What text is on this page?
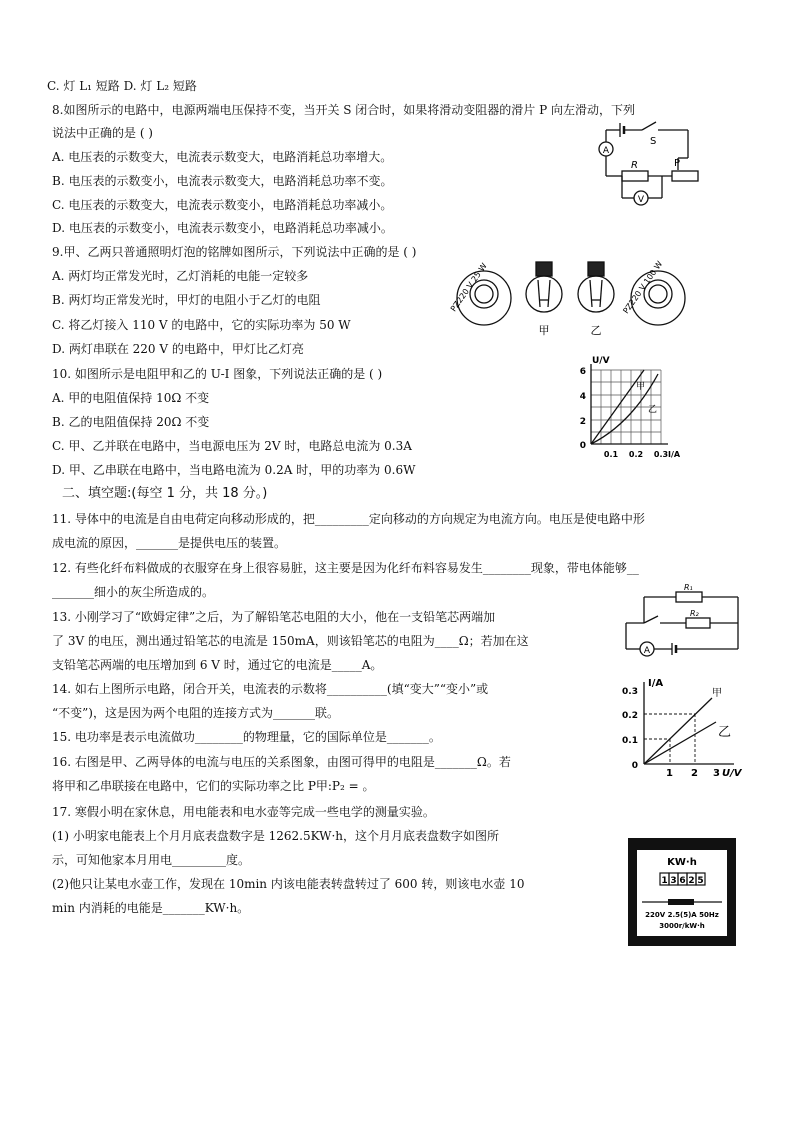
C. 灯 L₁ 短路 D. 灯 L₂ 短路
8.如图所示的电路中，电源两端电压保持不变，当开关 S 闭合时，如果将滑动变阻器的滑片 P 向左滑动，下列
说法中正确的是 ( )
A. 电压表的示数变大，电流表示数变大，电路消耗总功率增大。
B. 电压表的示数变小，电流表示数变大，电路消耗总功率不变。
C. 电压表的示数变大，电流表示数变小，电路消耗总功率减小。
D. 电压表的示数变小，电流表示数变小，电路消耗总功率减小。
9.甲、乙两只普通照明灯泡的铭牌如图所示，下列说法中正确的是 ( )
A. 两灯均正常发光时，乙灯消耗的电能一定较多
B. 两灯均正常发光时，甲灯的电阻小于乙灯的电阻
C. 将乙灯接入 110 V 的电路中，它的实际功率为 50 W
D. 两灯串联在 220 V 的电路中，甲灯比乙灯亮
10. 如图所示是电阻甲和乙的 U-I 图象，下列说法正确的是 ( )
A. 甲的电阻值保持 10Ω 不变
B. 乙的电阻值保持 20Ω 不变
C. 甲、乙并联在电路中，当电源电压为 2V 时，电路总电流为 0.3A
D. 甲、乙串联在电路中，当电路电流为 0.2A 时，甲的功率为 0.6W
二、填空题:(每空 1 分，共 18 分。)
11. 导体中的电流是自由电荷定向移动形成的，把_________定向移动的方向规定为电流方向。电压是使电路中形
成电流的原因，_______是提供电压的装置。
12. 有些化纤布料做成的衣服穿在身上很容易脏，这主要是因为化纤布料容易发生________现象，带电体能够__
_______细小的灰尘所造成的。
13. 小刚学习了“欧姆定律”之后，为了解铅笔芯电阻的大小，他在一支铅笔芯两端加
了 3V 的电压，测出通过铅笔芯的电流是 150mA，则该铅笔芯的电阻为____Ω；若加在这
支铅笔芯两端的电压增加到 6 V 时，通过它的电流是_____A。
14. 如右上图所示电路，闭合开关，电流表的示数将__________(填“变大”“变小”或
“不变”)，这是因为两个电阻的连接方式为_______联。
15. 电功率是表示电流做功________的物理量，它的国际单位是_______。
16. 右图是甲、乙两导体的电流与电压的关系图象，由图可得甲的电阻是_______Ω。若
将甲和乙串联接在电路中，它们的实际功率之比 P甲:P₂ = 。
17. 寒假小明在家休息，用电能表和电水壶等完成一些电学的测量实验。
(1) 小明家电能表上个月月底表盘数字是 1262.5KW·h，这个月月底表盘数字如图所
示，可知他家本月用电_________度。
(2)他只让某电水壶工作，发现在 10min 内该电能表转盘转过了 600 转，则该电水壶 10
min 内消耗的电能是_______KW·h。
A
S
R	P
V
PZ220 V 25 W	PZ220 V 100 W
甲	乙
U/V
6
4
2
0
0.1 0.2 0.3 I/A
甲
乙
A
R₁
R₂
I/A
0.3
0.2
0.1
0
1 2 3 U/V
甲
乙
KW·h
1 3 6 2 5
220V 2.5(5)A 50Hz
3000r/kW·h
